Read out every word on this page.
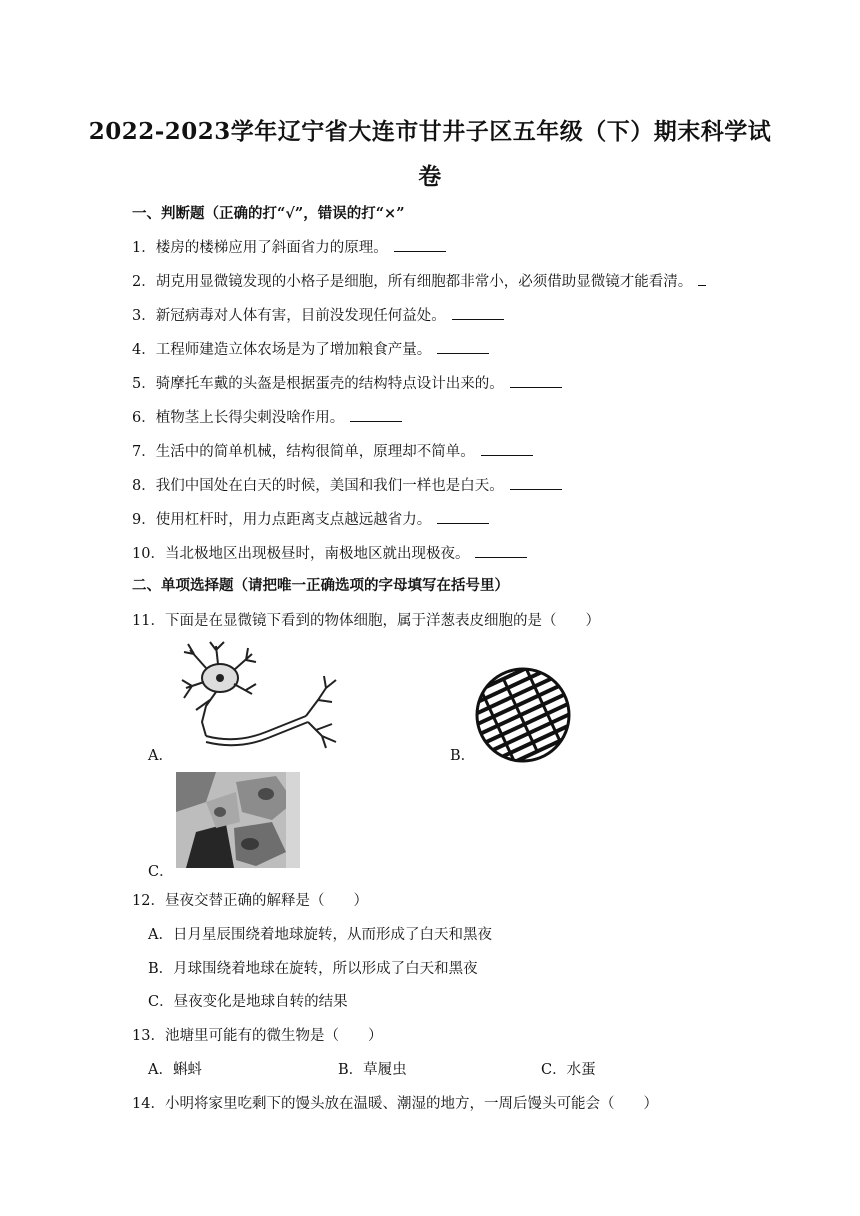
2022-2023学年辽宁省大连市甘井子区五年级（下）期末科学试
卷
一、判断题（正确的打“√”，错误的打“×”
1．楼房的楼梯应用了斜面省力的原理。
2．胡克用显微镜发现的小格子是细胞，所有细胞都非常小，必须借助显微镜才能看清。
3．新冠病毒对人体有害，目前没发现任何益处。
4．工程师建造立体农场是为了增加粮食产量。
5．骑摩托车戴的头盔是根据蛋壳的结构特点设计出来的。
6．植物茎上长得尖刺没啥作用。
7．生活中的简单机械，结构很简单，原理却不简单。
8．我们中国处在白天的时候，美国和我们一样也是白天。
9．使用杠杆时，用力点距离支点越远越省力。
10．当北极地区出现极昼时，南极地区就出现极夜。
二、单项选择题（请把唯一正确选项的字母填写在括号里）
11．下面是在显微镜下看到的物体细胞，属于洋葱表皮细胞的是（　　）
A．	B．
C．
12．昼夜交替正确的解释是（　　）
A．日月星辰围绕着地球旋转，从而形成了白天和黑夜
B．月球围绕着地球在旋转，所以形成了白天和黑夜
C．昼夜变化是地球自转的结果
13．池塘里可能有的微生物是（　　）
A．蝌蚪	B．草履虫	C．水蛋
14．小明将家里吃剩下的馒头放在温暖、潮湿的地方，一周后馒头可能会（　　）
